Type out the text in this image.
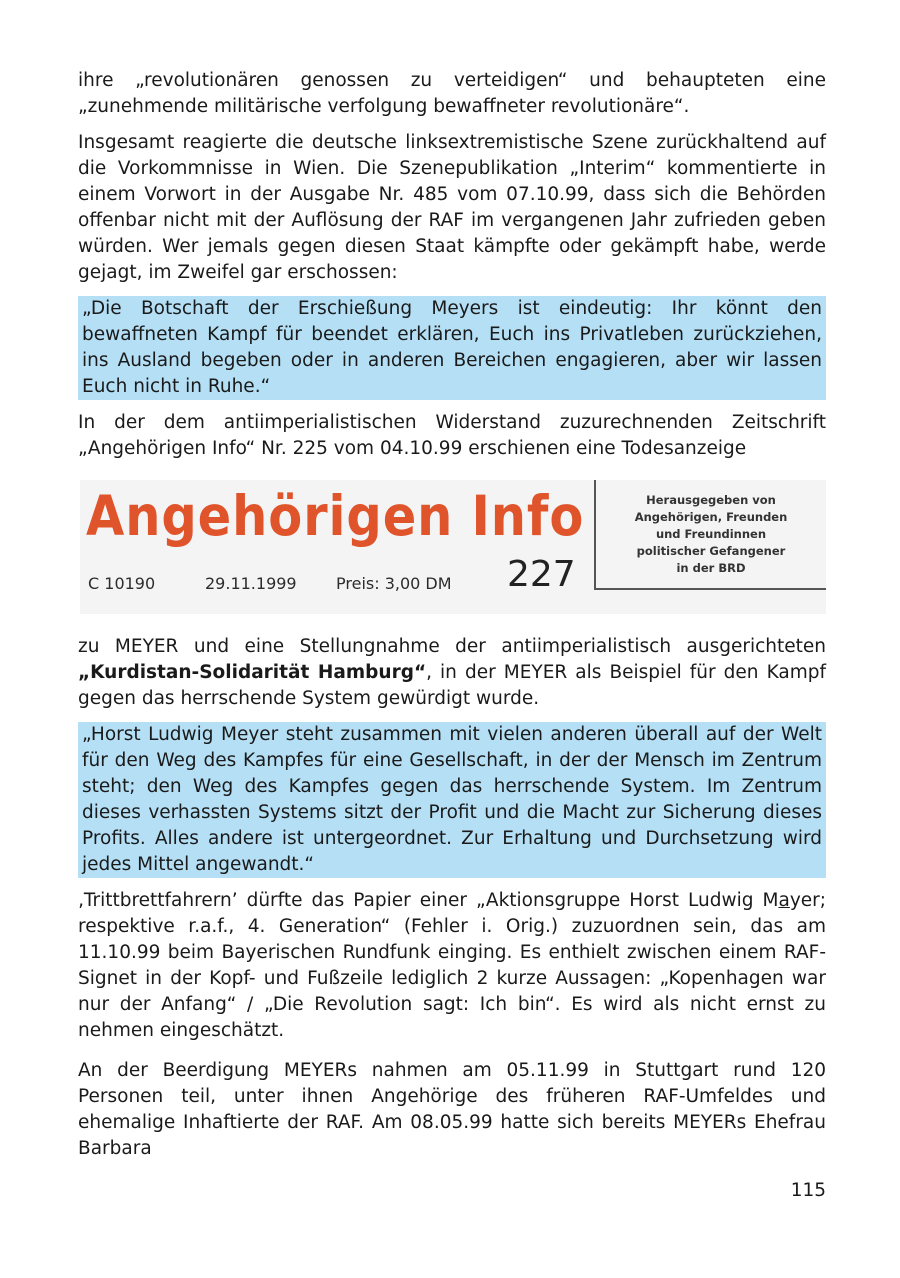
ihre „revolutionären genossen zu verteidigen“ und behaupteten eine „zunehmende militärische verfolgung bewaffneter revolutionäre“.

Insgesamt reagierte die deutsche linksextremistische Szene zurückhaltend auf die Vorkommnisse in Wien. Die Szenepublikation „Interim“ kommentierte in einem Vorwort in der Ausgabe Nr. 485 vom 07.10.99, dass sich die Behörden offenbar nicht mit der Auflösung der RAF im vergangenen Jahr zufrieden geben würden. Wer jemals gegen diesen Staat kämpfte oder gekämpft habe, werde gejagt, im Zweifel gar erschossen:

„Die Botschaft der Erschießung Meyers ist eindeutig: Ihr könnt den bewaffneten Kampf für beendet erklären, Euch ins Privatleben zurückziehen, ins Ausland begeben oder in anderen Bereichen engagieren, aber wir lassen Euch nicht in Ruhe.“

In der dem antiimperialistischen Widerstand zuzurechnenden Zeitschrift „Angehörigen Info“ Nr. 225 vom 04.10.99 erschienen eine Todesanzeige

Angehörigen Info
C 10190	29.11.1999 Preis: 3,00 DM 227
Herausgegeben von
Angehörigen, Freunden
und Freundinnen
politischer Gefangener
in der BRD

zu MEYER und eine Stellungnahme der antiimperialistisch ausgerichteten „Kurdistan-Solidarität Hamburg“, in der MEYER als Beispiel für den Kampf gegen das herrschende System gewürdigt wurde.

„Horst Ludwig Meyer steht zusammen mit vielen anderen überall auf der Welt für den Weg des Kampfes für eine Gesellschaft, in der der Mensch im Zentrum steht; den Weg des Kampfes gegen das herrschende System. Im Zentrum dieses verhassten Systems sitzt der Profit und die Macht zur Sicherung dieses Profits. Alles andere ist untergeordnet. Zur Erhaltung und Durchsetzung wird jedes Mittel angewandt.“

‚Trittbrettfahrern’ dürfte das Papier einer „Aktionsgruppe Horst Ludwig Mayer; respektive r.a.f., 4. Generation“ (Fehler i. Orig.) zuzuordnen sein, das am 11.10.99 beim Bayerischen Rundfunk einging. Es enthielt zwischen einem RAF-Signet in der Kopf- und Fußzeile lediglich 2 kurze Aussagen: „Kopenhagen war nur der Anfang“ / „Die Revolution sagt: Ich bin“. Es wird als nicht ernst zu nehmen eingeschätzt.

An der Beerdigung MEYERs nahmen am 05.11.99 in Stuttgart rund 120 Personen teil, unter ihnen Angehörige des früheren RAF-Umfeldes und ehemalige Inhaftierte der RAF. Am 08.05.99 hatte sich bereits MEYERs Ehefrau Barbara

115
